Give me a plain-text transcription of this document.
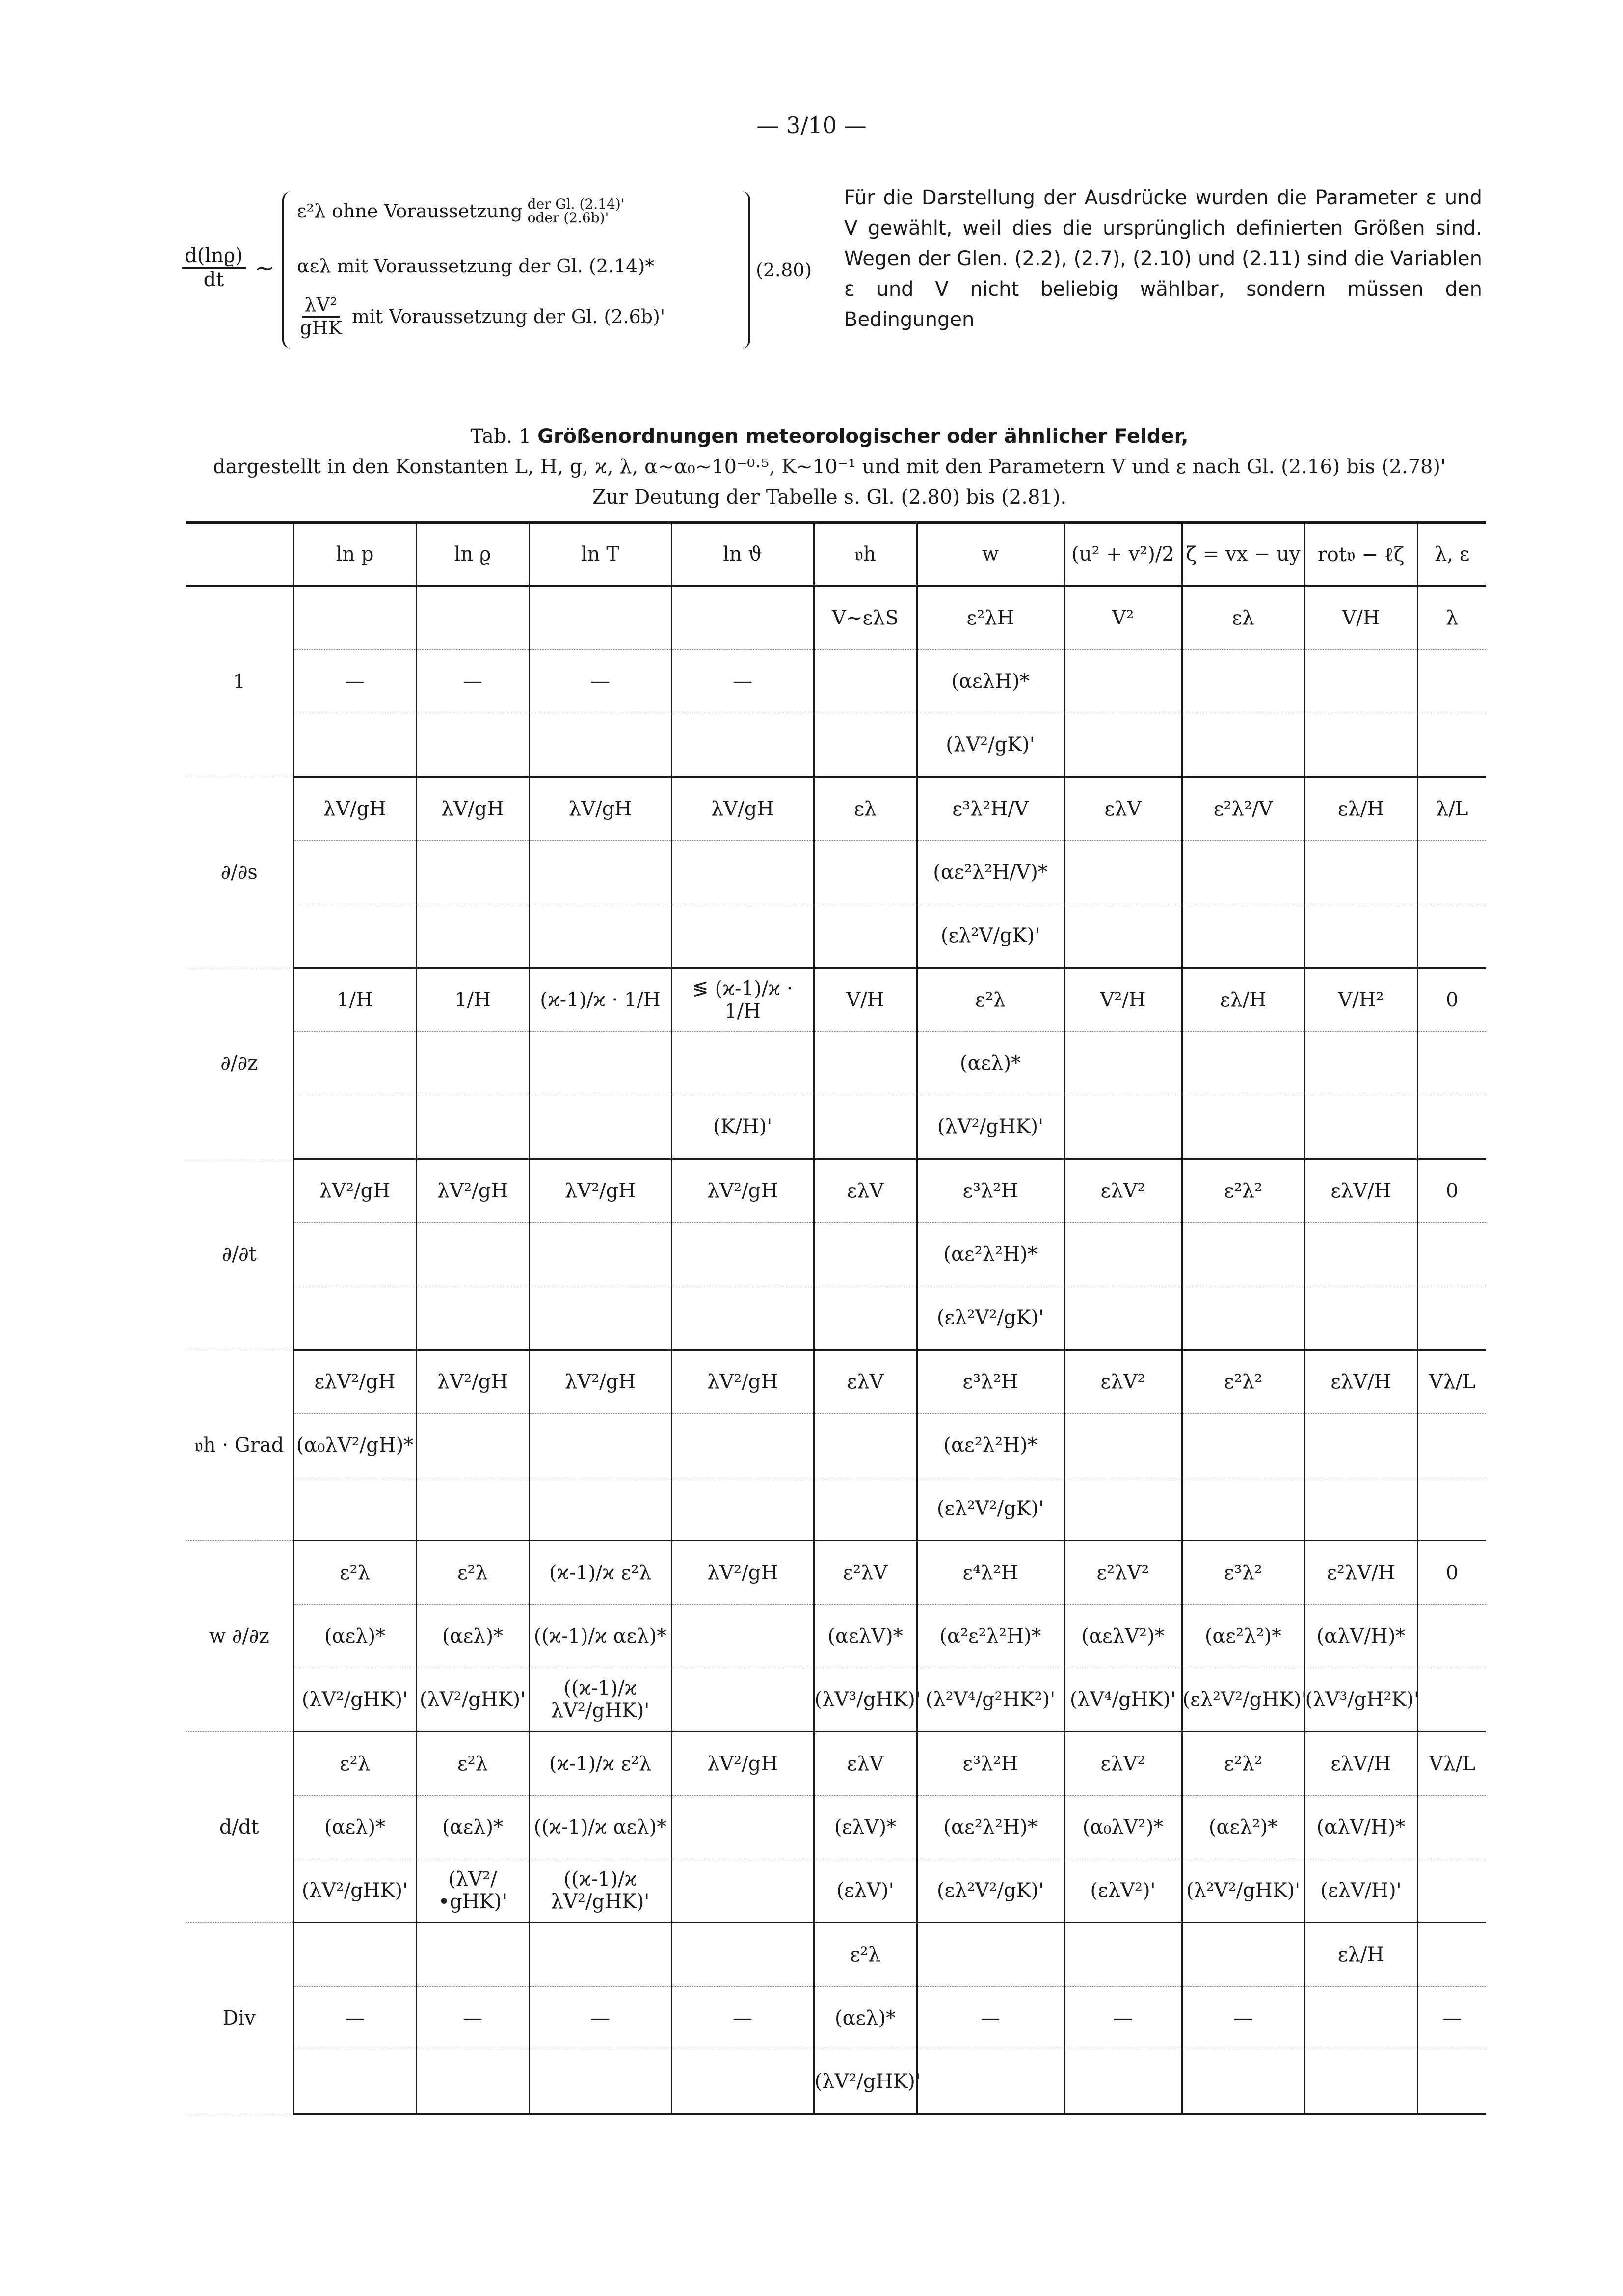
— 3/10 —
$\frac{d(\ln ϱ)}{dt}$ ~
ε²λ ohne Voraussetzung der Gl. (2.14)'
oder (2.6b)'
αελ mit Voraussetzung der Gl. (2.14)*
$\frac{\text{λV²}}{\text{gHK}}$ mit Voraussetzung der Gl. (2.6b)'
(2.80)
Für die Darstellung der Ausdrücke wurden die Parameter ε und V gewählt, weil dies die ursprünglich definierten Größen sind. Wegen der Glen. (2.2), (2.7), (2.10) und (2.11) sind die Variablen ε und V nicht beliebig wählbar, sondern müssen den Bedingungen
Tab. 1 Größenordnungen meteorologischer oder ähnlicher Felder,
dargestellt in den Konstanten L, H, g, ϰ, λ, α∼α₀∼10⁻⁰·⁵, K∼10⁻¹ und mit den Parametern V und ε nach Gl. (2.16) bis (2.78)'
Zur Deutung der Tabelle s. Gl. (2.80) bis (2.81).
	ln p	ln ϱ	ln T	ln ϑ	𝔳h	w	(u² + v²)/2	ζ = vx − uy	rot𝔳 − ℓζ	λ, ε
1					V∼ελS	ε²λH	V²	ελ	V/H	λ
	—	—	—	—		(αελH)*				
						(λV²/gK)'				
∂/∂s	λV/gH	λV/gH	λV/gH	λV/gH	ελ	ε³λ²H/V	ελV	ε²λ²/V	ελ/H	λ/L
						(αε²λ²H/V)*				
						(ελ²V/gK)'				
∂/∂z	1/H	1/H	(ϰ-1)/ϰ · 1/H	≶ (ϰ-1)/ϰ · 1/H	V/H	ε²λ	V²/H	ελ/H	V/H²	0
						(αελ)*				
				(K/H)'		(λV²/gHK)'				
∂/∂t	λV²/gH	λV²/gH	λV²/gH	λV²/gH	ελV	ε³λ²H	ελV²	ε²λ²	ελV/H	0
						(αε²λ²H)*				
						(ελ²V²/gK)'				
𝔳h · Grad	ελV²/gH	λV²/gH	λV²/gH	λV²/gH	ελV	ε³λ²H	ελV²	ε²λ²	ελV/H	Vλ/L
	(α₀λV²/gH)*					(αε²λ²H)*				
						(ελ²V²/gK)'				
w ∂/∂z	ε²λ	ε²λ	(ϰ-1)/ϰ ε²λ	λV²/gH	ε²λV	ε⁴λ²H	ε²λV²	ε³λ²	ε²λV/H	0
	(αελ)*	(αελ)*	((ϰ-1)/ϰ αελ)*		(αελV)*	(α²ε²λ²H)*	(αελV²)*	(αε²λ²)*	(αλV/H)*	
	(λV²/gHK)'	(λV²/gHK)'	((ϰ-1)/ϰ λV²/gHK)'		(λV³/gHK)'	(λ²V⁴/g²HK²)'	(λV⁴/gHK)'	(ελ²V²/gHK)'	(λV³/gH²K)'	
d/dt	ε²λ	ε²λ	(ϰ-1)/ϰ ε²λ	λV²/gH	ελV	ε³λ²H	ελV²	ε²λ²	ελV/H	Vλ/L
	(αελ)*	(αελ)*	((ϰ-1)/ϰ αελ)*		(ελV)*	(αε²λ²H)*	(α₀λV²)*	(αελ²)*	(αλV/H)*	
	(λV²/gHK)'	(λV²/•gHK)'	((ϰ-1)/ϰ λV²/gHK)'		(ελV)'	(ελ²V²/gK)'	(ελV²)'	(λ²V²/gHK)'	(ελV/H)'	
Div					ε²λ				ελ/H	
	—	—	—	—	(αελ)*	—	—	—		—
					(λV²/gHK)'					
